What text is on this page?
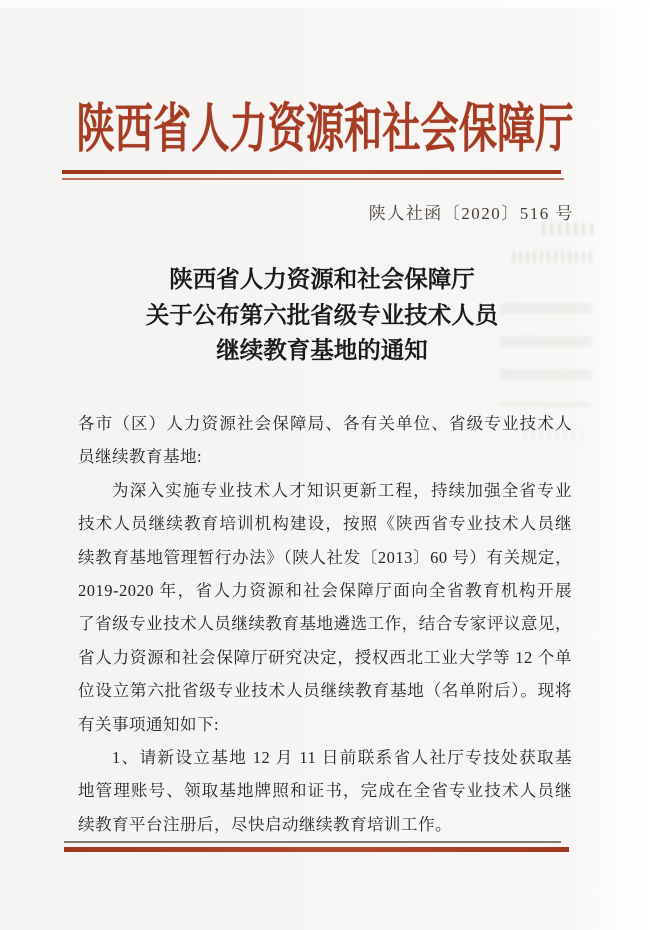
陕西省人力资源和社会保障厅
陕人社函〔2020〕516 号
陕西省人力资源和社会保障厅
关于公布第六批省级专业技术人员
继续教育基地的通知
各市（区）人力资源社会保障局、各有关单位、省级专业技术人
员继续教育基地:
为深入实施专业技术人才知识更新工程，持续加强全省专业
技术人员继续教育培训机构建设，按照《陕西省专业技术人员继
续教育基地管理暂行办法》（陕人社发〔2013〕60 号）有关规定，
2019-2020 年，省人力资源和社会保障厅面向全省教育机构开展
了省级专业技术人员继续教育基地遴选工作，结合专家评议意见，
省人力资源和社会保障厅研究决定，授权西北工业大学等 12 个单
位设立第六批省级专业技术人员继续教育基地（名单附后）。现将
有关事项通知如下:
1、请新设立基地 12 月 11 日前联系省人社厅专技处获取基
地管理账号、领取基地牌照和证书，完成在全省专业技术人员继
续教育平台注册后，尽快启动继续教育培训工作。
